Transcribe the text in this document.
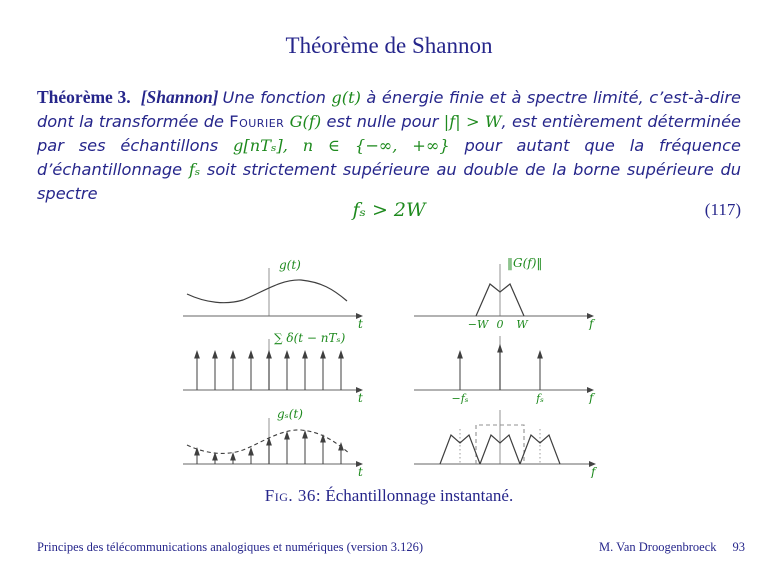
Théorème de Shannon
Théorème 3. [Shannon] Une fonction g(t) à énergie finie et à spectre limité, c’est-à-dire dont la transformée de Fourier G(f) est nulle pour |f| > W, est entièrement déterminée par ses échantillons g[nTₛ], n ∈ {−∞, +∞} pour autant que la fréquence d’échantillonnage fₛ soit strictement supérieure au double de la borne supérieure du spectre
fₛ > 2W	(117)
g(t)
t
‖G(f)‖
−W 0 W	f
∑ δ(t − nTₛ)
t	−fₛ	fₛ	f
gₛ(t)
t	f
Fig. 36: Échantillonnage instantané.
Principes des télécommunications analogiques et numériques (version 3.126)	M. Van Droogenbroeck 93
